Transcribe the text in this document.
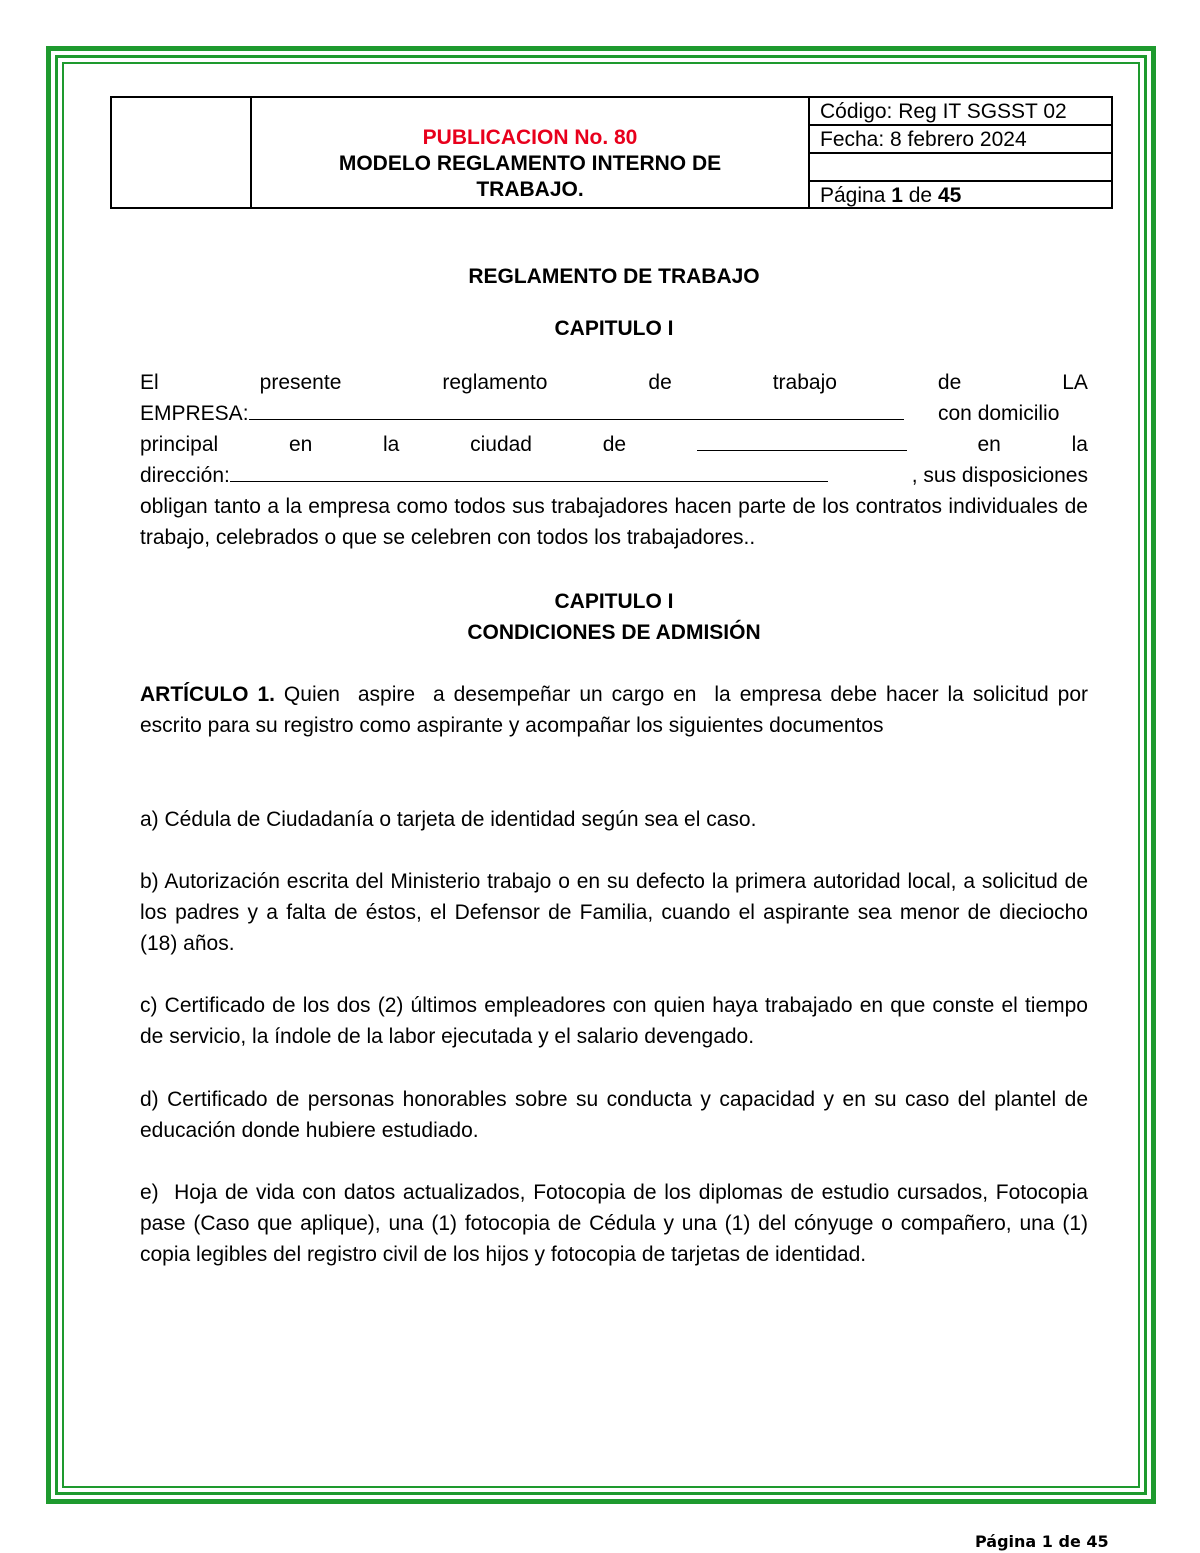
PUBLICACION No. 80
MODELO REGLAMENTO INTERNO DE
TRABAJO.
Código: Reg IT SGSST 02
Fecha: 8 febrero 2024
Página 1 de 45
REGLAMENTO DE TRABAJO
CAPITULO I
El	presente	reglamento	de	trabajo	de	LA
EMPRESA:	con domicilio
principal	en	la	ciudad	de	en	la
dirección:	, sus disposiciones
obligan tanto a la empresa como todos sus trabajadores hacen parte de los contratos individuales de trabajo, celebrados o que se celebren con todos los trabajadores..
CAPITULO I
CONDICIONES DE ADMISIÓN
ARTÍCULO 1. Quien  aspire  a desempeñar un cargo en  la empresa debe hacer la solicitud por escrito para su registro como aspirante y acompañar los siguientes documentos
a) Cédula de Ciudadanía o tarjeta de identidad según sea el caso.
b) Autorización escrita del Ministerio trabajo o en su defecto la primera autoridad local, a solicitud de los padres y a falta de éstos, el Defensor de Familia, cuando el aspirante sea menor de dieciocho (18) años.
c) Certificado de los dos (2) últimos empleadores con quien haya trabajado en que conste el tiempo de servicio, la índole de la labor ejecutada y el salario devengado.
d) Certificado de personas honorables sobre su conducta y capacidad y en su caso del plantel de educación donde hubiere estudiado.
e)  Hoja de vida con datos actualizados, Fotocopia de los diplomas de estudio cursados, Fotocopia pase (Caso que aplique), una (1) fotocopia de Cédula y una (1) del cónyuge o compañero, una (1) copia legibles del registro civil de los hijos y fotocopia de tarjetas de identidad.
Página 1 de 45
